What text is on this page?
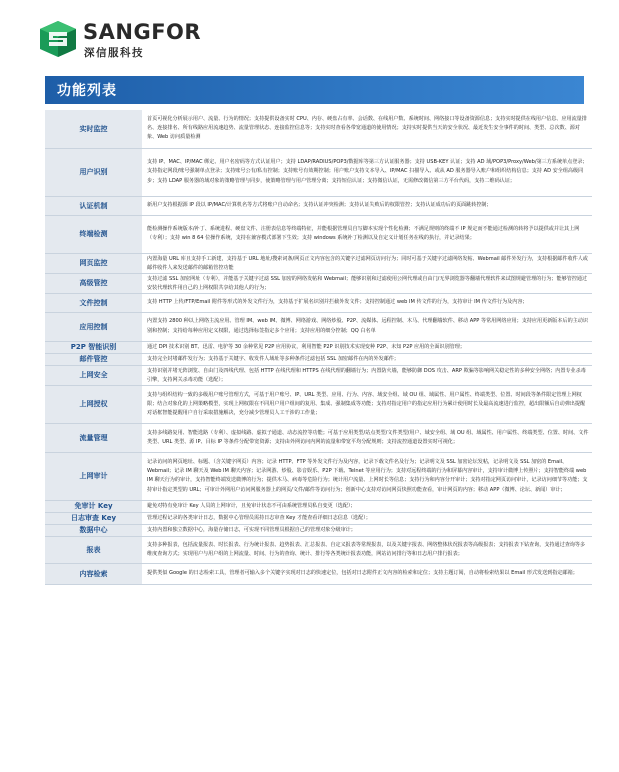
SANGFOR
深信服科技
功能列表
实时监控	首页可视化分析展示用户、流量、行为的情况；支持提供设备实时 CPU、内存、硬盘占有率、会话数、在线用户数、系统时间、网络接口等设备资源信息；支持实时提供在线用户信息、应用流量排名、连接排名、所有线路应用流速趋势、流量管理状态、连接监控信息等；支持实时查看各带宽通道的使用情况；支持实时提供当天的安全状况、最近发生安全事件的时间、类型、总次数、源对象、Web 访问质量检测

用户识别	支持 IP、MAC、IP/MAC 绑定、用户名密码等方式认证用户；支持 LDAP/RADIUS/POP3/数据库等第三方认证服务器；支持 USB-KEY 认证；支持 AD 域/POP3/Proxy/Web/第三方系统单点登录；支持指定网段/账号强制单点登录；支持账号公有/私有控制；支持账号有效期控制；用户账户支持文本导入、IP/MAC 扫描导入、或从 AD 服务器导入账户和组织结构信息；支持 AD 安全组高级同步；支持 LDAP 服务器的域对象的策略管理与同步，使策略管理与用户管理分离；支持短信认证；支持微信认证，无需修改微信第三方平台代码，支持二维码认证；

认证机制	新用户支持根据源 IP 段以 IP/MAC/计算机名等方式将账户自动命名；支持认证冲突检测；支持认证失败后的权限管控；支持认证成功后的页面跳转控制；

终端检测	能检测操作系统版本/补丁、系统进程、硬盘文件、注册表信息等终端特征，并能根据管理员自写脚本实现个性化检测；不满足规则的终端不 IP 规定而不能通过检测的转将予以提供或并让其上网（专利）；支持 win 8 64 位操作系统，支持在兼容模式部署下生效；支持 windows 系统补丁检测以及自定义计划任务在线的执行，并记录结果；

网页监控	内置海量 URL 库且支持手工新建，支持基于 URL 地址/搜索词条/网页正文内容包含的关键字过滤网页访问行为；同时可基于关键字过滤网络发帖、Webmail 邮件外发行为，支持根据邮件收件人或邮件收件人来发送邮件的邮箱管控功能

高级管控	支持过滤 SSL 加密网址（专利），并能基于关键字过滤 SSL 加密的网络发帖和 Webmail；能够识别和过滤使用公网代理或自由门/无界浏览器等翻墙代理软件来试图规避管理的行为；能够管控通过安装代理软件用自己的上网权限共享给其他人的行为；

文件控制	支持 HTTP 上传/FTP/Email 附件等形式的外发文件行为，支持基于扩展名识别并拦截外发文件；支持控制通过 web IM 传文件的行为，支持审计 IM 传文件行为及内容；

应用控制	内置支持 2800 种以上网络主流应用、管理 IM、web IM、微博、网络游戏、网络炒股、P2P、流媒体、远程控制、木马、代理翻墙软件、移动 APP 等常用网络应用；支持应用更新版本后的主动识别和控制；支持给每种应用定义权限，通过选择标签指定多个应用；支持应用的细分控制；QQ 白名单

P2P 智能识别	通过 DPI 技术识别 BT、迅雷、电驴等 30 余种常见 P2P 应用协议，利用智能 P2P 识别技术实现变种 P2P、未知 P2P 应用的全面识别管理；

邮件管控	支持完全封堵邮件发行为；支持基于关键字、收发件人域址等多种条件过滤包括 SSL 加密邮件在内的外发邮件；

上网安全	支持识别并堵无阵浏览、自由门及四线代理、包括 HTTP 在线代理和 HTTPS 在线代理的翻墙行为；内置防火墙，能够防御 DOS 攻击、ARP 欺骗等影响网关稳定性的多种安全网络；内置专业杀毒引擎，支持网关杀毒功能（选配）；

上网授权	支持与组织结构一致的多级用户账号管理方式，可基于用户账号、IP、URL 类型、应用、行为、内容、域安全组、域 OU 组、域属性、用户属性、终端类型、位置、时间段等条件限定管理上网权限；结合对象化的上网策略模型，实现上网权限在不同用户用户组间的复用、集成、强制集成等功能；支持对指定用户的指定应用行为累计使用时长及最高流速进行监控，超出限额后自动弹出提醒对话框智能提醒用户自行采取措施解决，充分减少管理员人工干涉的工作量；

流量管理	支持多线路复用、智能选路（专利）、虚拟线路、虚拟子通道、动态流控等功能；可基于应用类型/站点类型/文件类型/用户、域安全组、域 OU 组、域属性、用户属性、终端类型、位置、时间、文件类型、URL 类型、源 IP、目标 IP 等条件分配带宽资源；支持由外网访问内网的流量和带宽平均分配规则；支持流控通道设置实时可视化；

上网审计	记录访问的网页地址、标题、（含关键字网页）内容；记录 HTTP、FTP 等外发文件行为及内容，记录下载文件名及行为；记录明文及 SSL 加密论坛发帖，记录明文及 SSL 加密的 Email、Webmail；记录 IM 聊天及 Web IM 聊天内容；记录网游、炒股、影音娱乐、P2P 下载、Telnet 等应用行为；支持对远程终端的行为和屏幕内容审计，支持审计微博上传照片；支持智能终端 web IM 聊天行为的审计，支持智能终端发送微博的行为；提供木马、病毒等危险行为；统计用户流量、上网时长等信息；支持行为和内容分开审计；支持对指定网页访问审计，记录访问细节等功能；支持审计指定类型的 URL；可审计外网用户访问网服务器上的网页/文件/邮件等访问行为；创新中心支持对访问网页快照功能查看，审计网页的内容；移动 APP（微博、论坛、新闻）审计；

免审计 Key	避免对特有免审计 Key 人员的上网审计，且免审计状态不可由系统管理员私自变更（选配）；

日志审查 Key	管理过程记录的各类审计日志，数据中心管理员需持日志审查 Key 才能查看详细日志信息（选配）；

数据中心	支持内置和独立数据中心，海量存储日志，可实现不同管理员根据自己的管理对象分级审计；

报表	支持多种报表，包括流量报表、时长报表、行为统计报表、趋势报表、汇总报表、自定义报表等常规报表，以及关键字报表、网络整体状况报表等高级报表；支持报表下钻查询，支持通过查询等多维度查询方式；实现用户与用户组的上网流量、时间、行为的查询、统计、排行等各类统计报表功能，网站访问排行等和日志用户排行报表；

内容检索	提供类似 Google 的日志检索工具，管理者可输入多个关键字实现对日志的快速定位，包括对日志附件正文内容的检索和定位；支持主题订阅，自动将检索结果以 Email 形式发送到指定邮箱；
